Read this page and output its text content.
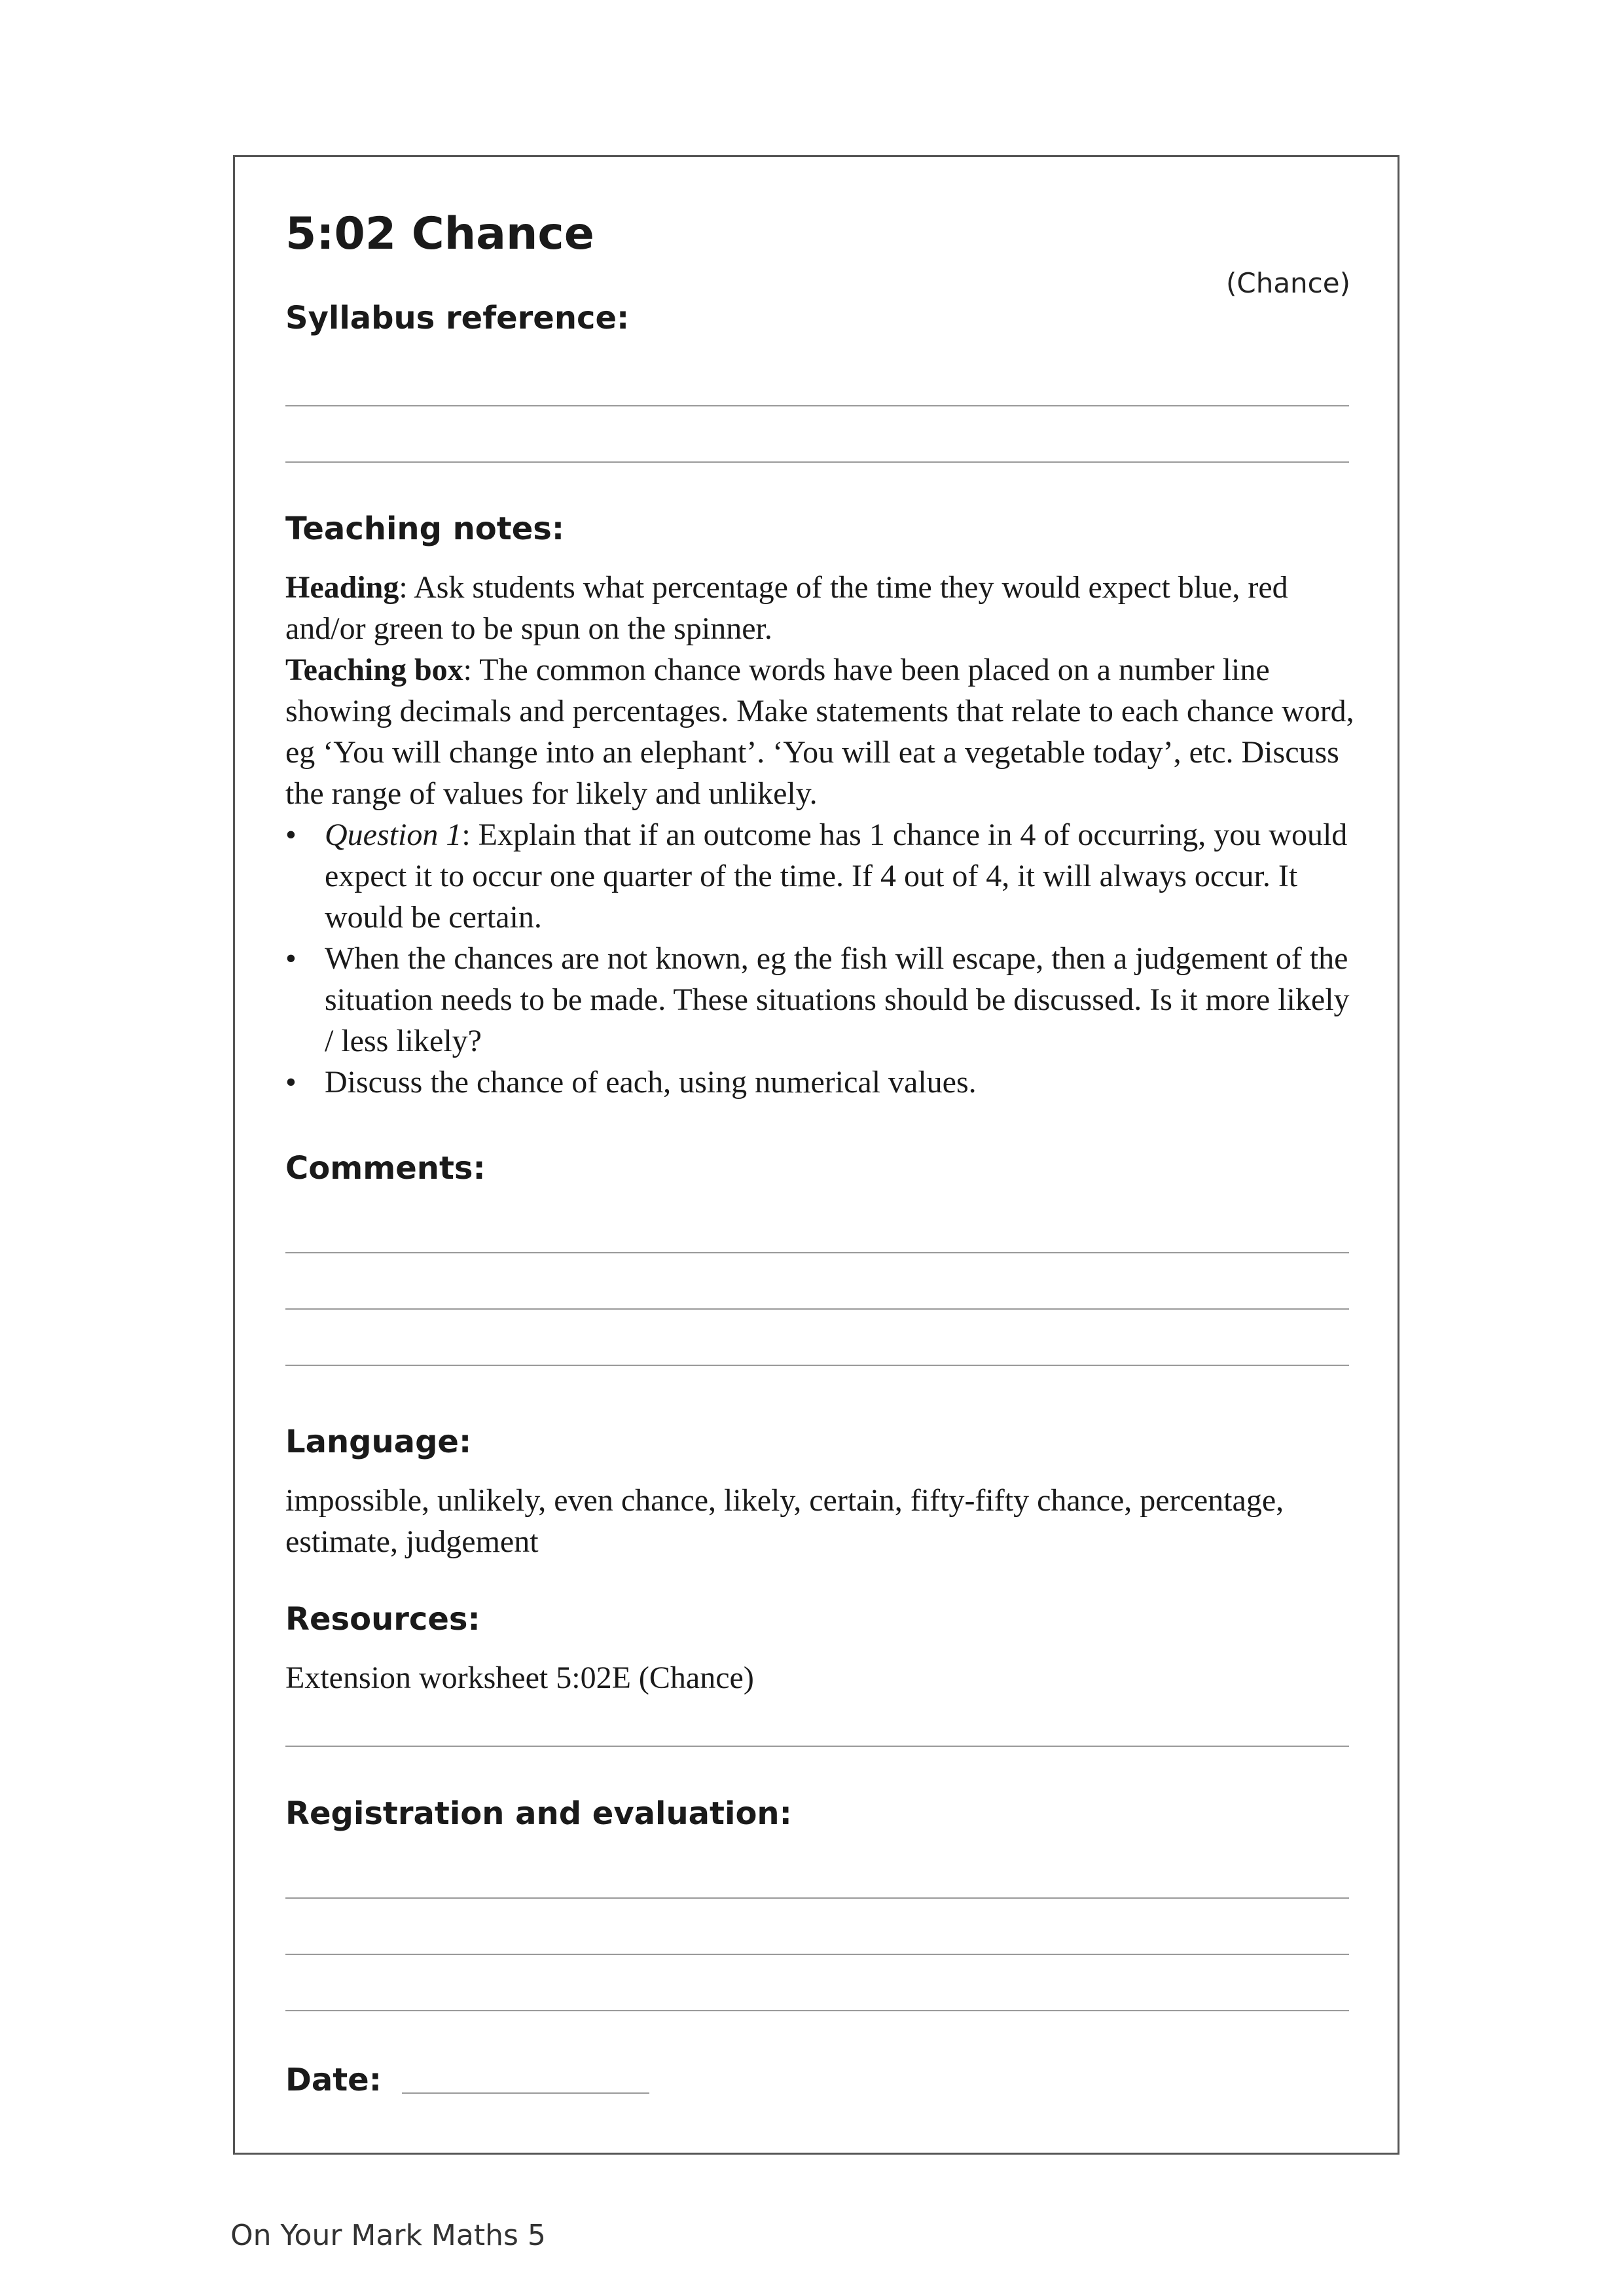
5:02 Chance
(Chance)
Syllabus reference:
Teaching notes:

Heading: Ask students what percentage of the time they would expect blue, red and/or green to be spun on the spinner.

Teaching box: The common chance words have been placed on a number line showing decimals and percentages. Make statements that relate to each chance word, eg ‘You will change into an elephant’. ‘You will eat a vegetable today’, etc. Discuss the range of values for likely and unlikely.

• Question 1: Explain that if an outcome has 1 chance in 4 of occurring, you would expect it to occur one quarter of the time. If 4 out of 4, it will always occur. It would be certain.
• When the chances are not known, eg the fish will escape, then a judgement of the situation needs to be made. These situations should be discussed. Is it more likely / less likely?
• Discuss the chance of each, using numerical values.
Comments:
Language:
impossible, unlikely, even chance, likely, certain, fifty-fifty chance, percentage, estimate, judgement
Resources:
Extension worksheet 5:02E (Chance)
Registration and evaluation:
Date:
On Your Mark Maths 5
